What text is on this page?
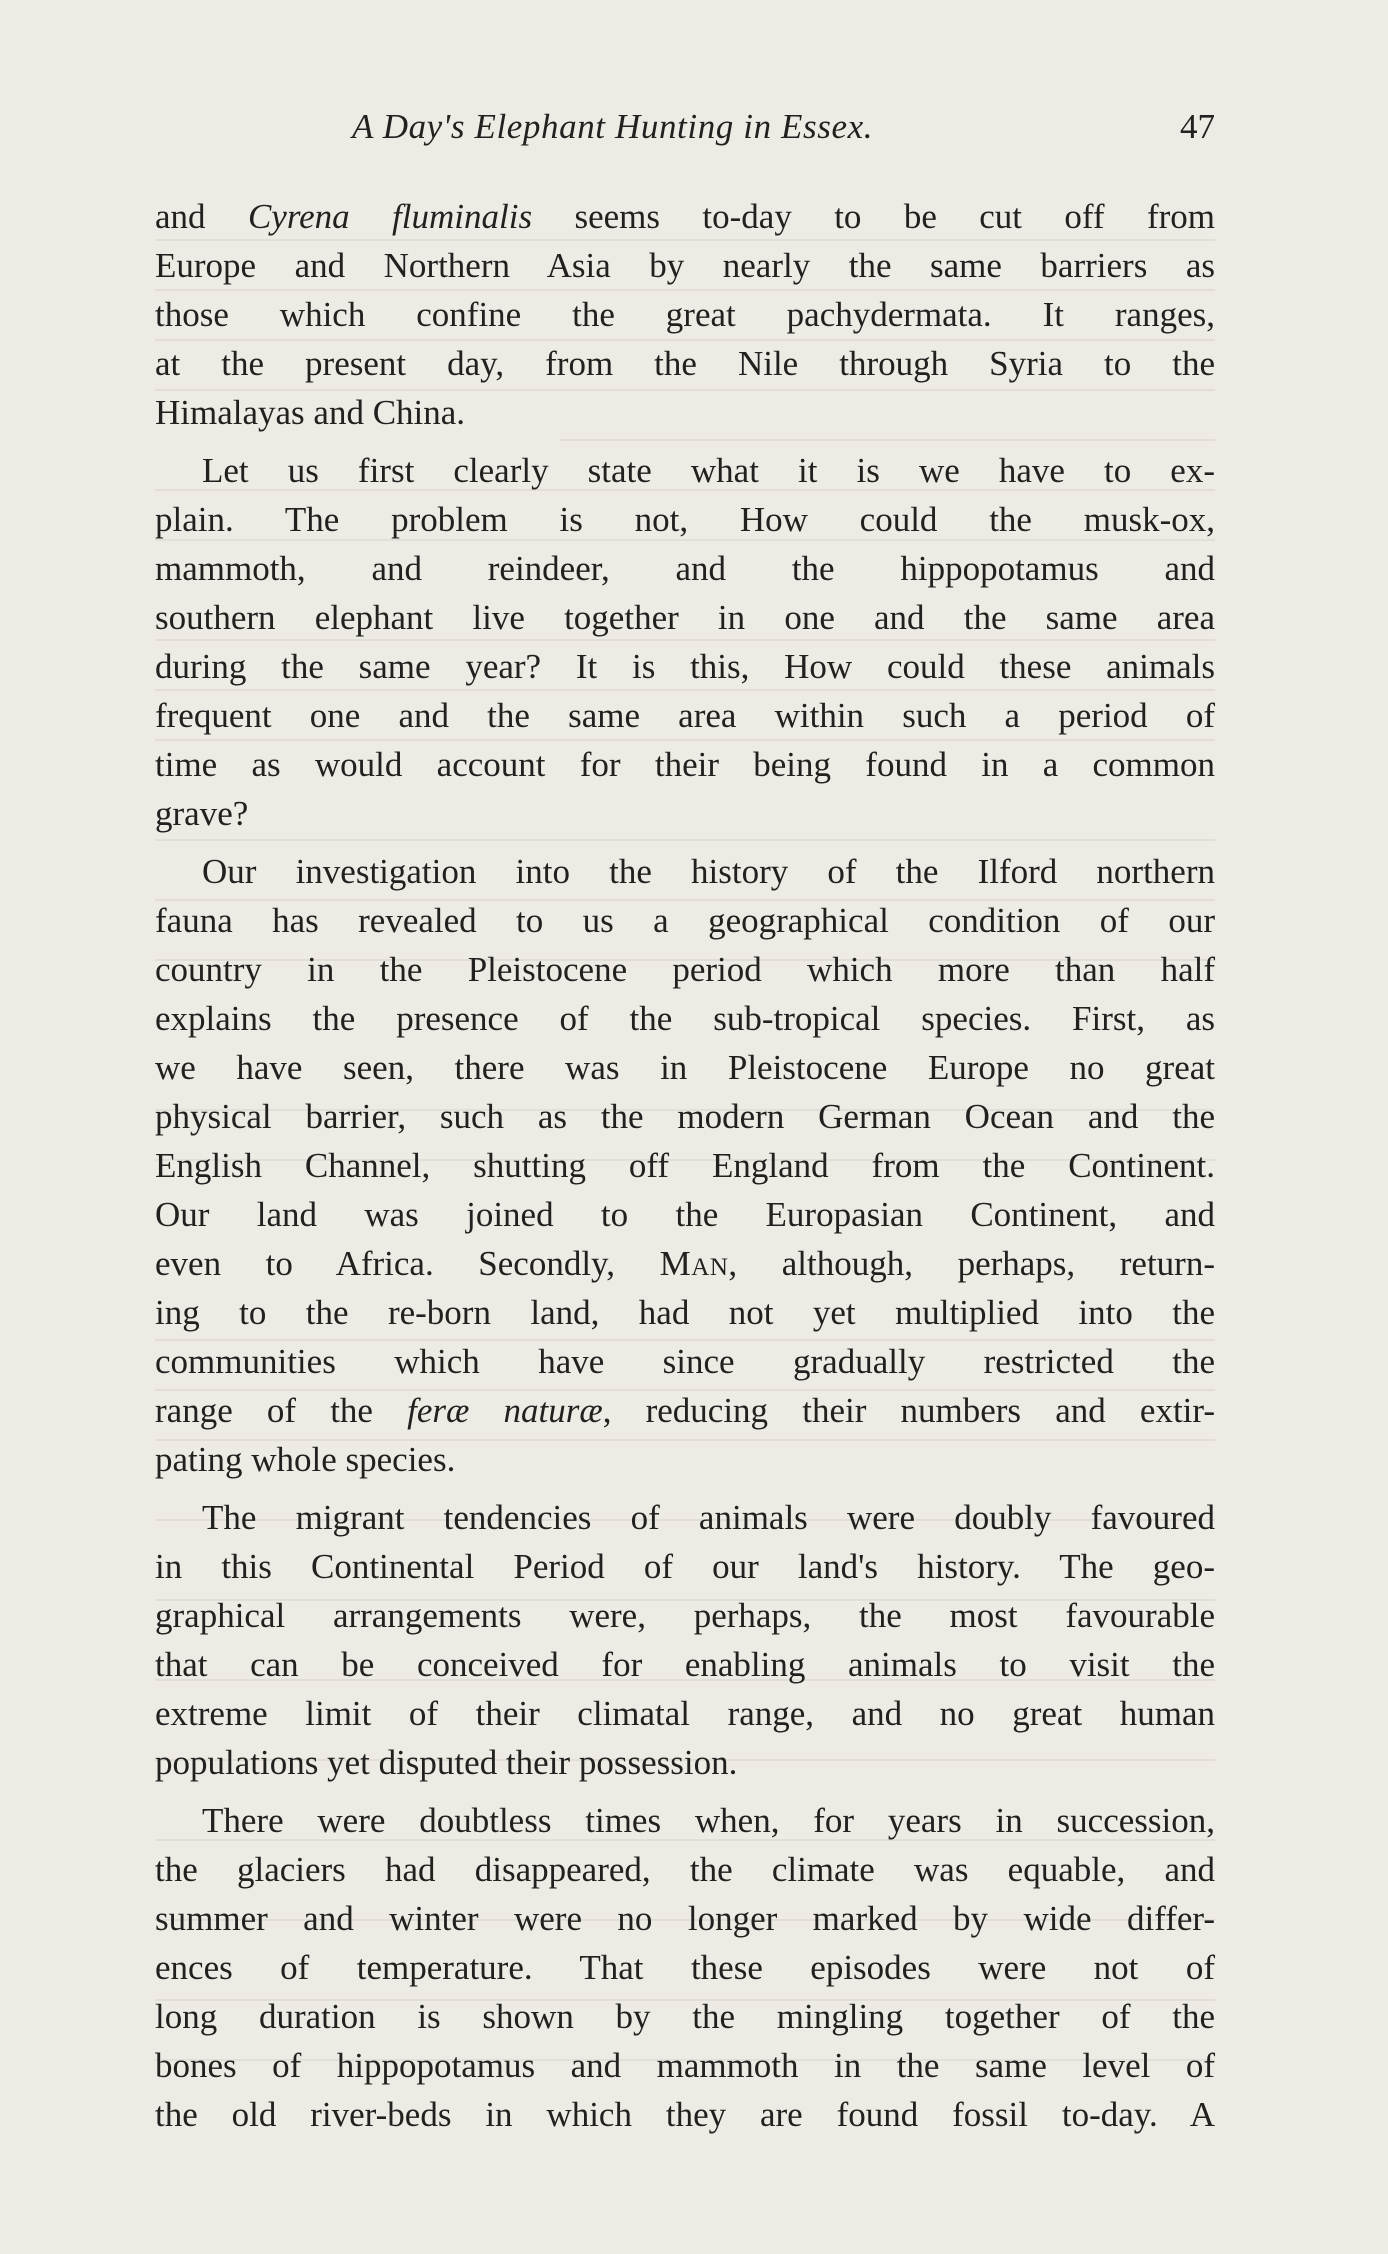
A Day's Elephant Hunting in Essex.	47
and Cyrena fluminalis seems to-day to be cut off from
Europe and Northern Asia by nearly the same barriers as
those which confine the great pachydermata. It ranges,
at the present day, from the Nile through Syria to the
Himalayas and China.
Let us first clearly state what it is we have to ex-
plain. The problem is not, How could the musk-ox,
mammoth, and reindeer, and the hippopotamus and
southern elephant live together in one and the same area
during the same year? It is this, How could these animals
frequent one and the same area within such a period of
time as would account for their being found in a common
grave?
Our investigation into the history of the Ilford northern
fauna has revealed to us a geographical condition of our
country in the Pleistocene period which more than half
explains the presence of the sub-tropical species. First, as
we have seen, there was in Pleistocene Europe no great
physical barrier, such as the modern German Ocean and the
English Channel, shutting off England from the Continent.
Our land was joined to the Europasian Continent, and
even to Africa. Secondly, Man, although, perhaps, return-
ing to the re-born land, had not yet multiplied into the
communities which have since gradually restricted the
range of the feræ naturæ, reducing their numbers and extir-
pating whole species.
The migrant tendencies of animals were doubly favoured
in this Continental Period of our land's history. The geo-
graphical arrangements were, perhaps, the most favourable
that can be conceived for enabling animals to visit the
extreme limit of their climatal range, and no great human
populations yet disputed their possession.
There were doubtless times when, for years in succession,
the glaciers had disappeared, the climate was equable, and
summer and winter were no longer marked by wide differ-
ences of temperature. That these episodes were not of
long duration is shown by the mingling together of the
bones of hippopotamus and mammoth in the same level of
the old river-beds in which they are found fossil to-day. A
